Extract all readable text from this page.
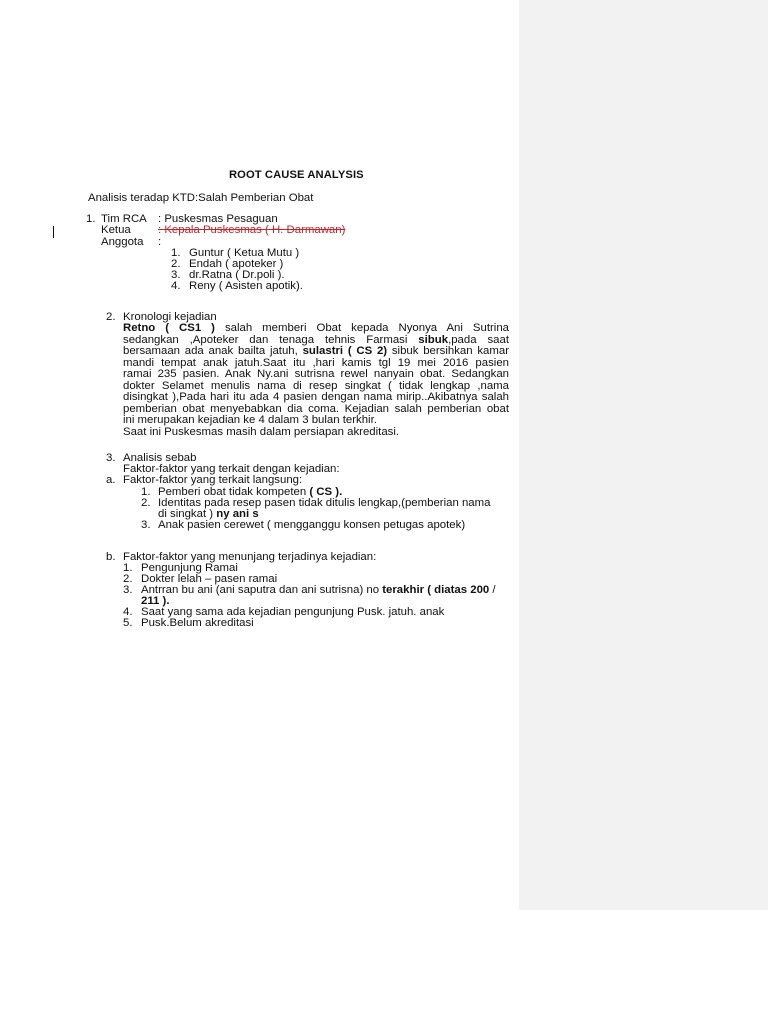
ROOT CAUSE ANALYSIS
Analisis teradap KTD:Salah Pemberian Obat
1. Tim RCA : Puskesmas Pesaguan
Ketua : Kepala Puskesmas ( H. Darmawan)
Anggota :
1. Guntur ( Ketua Mutu )
2. Endah ( apoteker )
3. dr.Ratna ( Dr.poli ).
4. Reny ( Asisten apotik).
2. Kronologi kejadian
Retno ( CS1 ) salah memberi Obat kepada Nyonya Ani Sutrina
sedangkan ,Apoteker dan tenaga tehnis Farmasi sibuk,pada saat
bersamaan ada anak bailta jatuh, sulastri ( CS 2) sibuk bersihkan kamar
mandi tempat anak jatuh.Saat itu ,hari kamis tgl 19 mei 2016 pasien
ramai 235 pasien. Anak Ny.ani sutrisna rewel nanyain obat. Sedangkan
dokter Selamet menulis nama di resep singkat ( tidak lengkap ,nama
disingkat ),Pada hari itu ada 4 pasien dengan nama mirip..Akibatnya salah
pemberian obat menyebabkan dia coma. Kejadian salah pemberian obat
ini merupakan kejadian ke 4 dalam 3 bulan terkhir.
Saat ini Puskesmas masih dalam persiapan akreditasi.
3. Analisis sebab
Faktor-faktor yang terkait dengan kejadian:
a. Faktor-faktor yang terkait langsung:
1. Pemberi obat tidak kompeten ( CS ).
2. Identitas pada resep pasen tidak ditulis lengkap,(pemberian nama
di singkat ) ny ani s
3. Anak pasien cerewet ( mengganggu konsen petugas apotek)
b. Faktor-faktor yang menunjang terjadinya kejadian:
1. Pengunjung Ramai
2. Dokter lelah – pasen ramai
3. Antrran bu ani (ani saputra dan ani sutrisna) no terakhir ( diatas 200 /
211 ).
4. Saat yang sama ada kejadian pengunjung Pusk. jatuh. anak
5. Pusk.Belum akreditasi
